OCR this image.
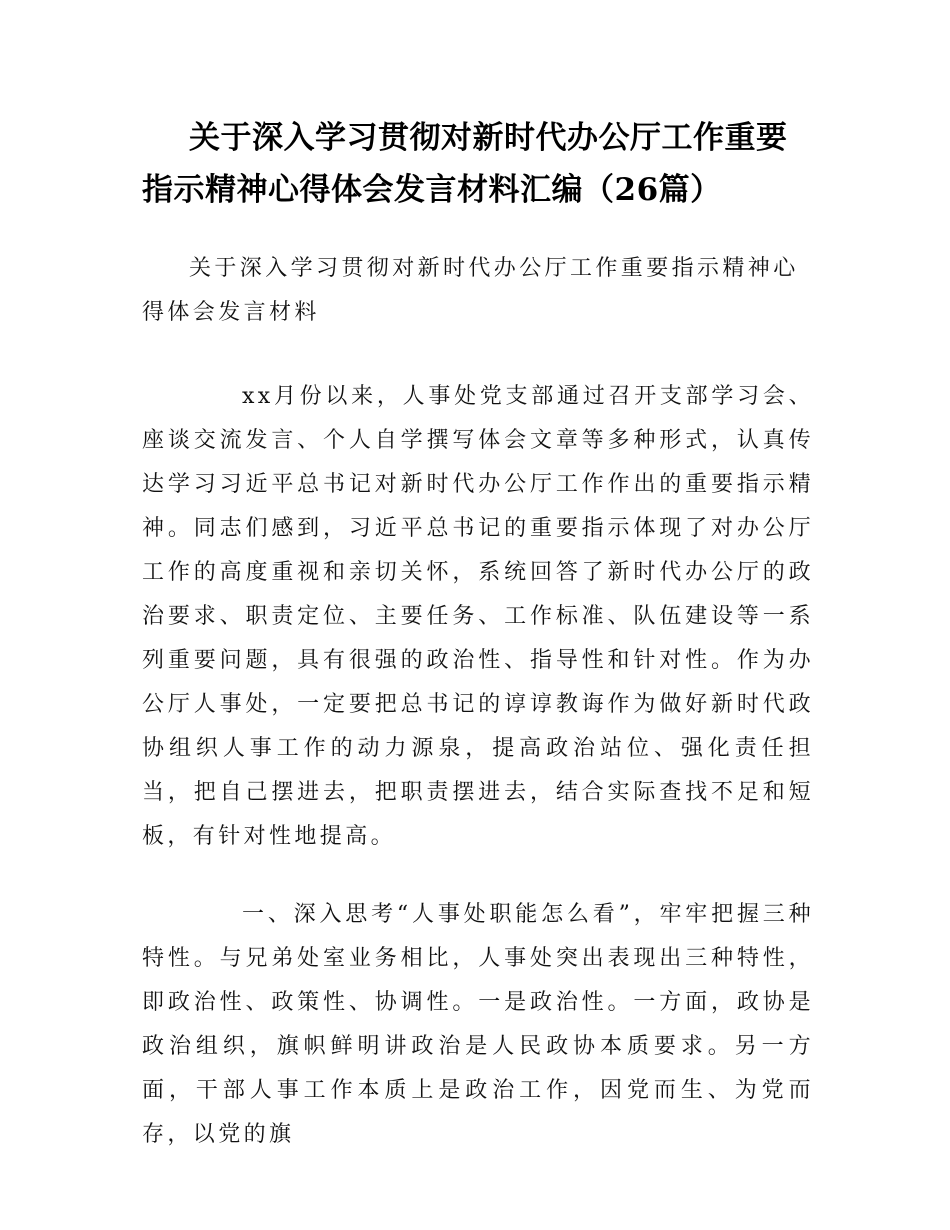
关于深入学习贯彻对新时代办公厅工作重要指示精神心得体会发言材料汇编（26篇）

关于深入学习贯彻对新时代办公厅工作重要指示精神心得体会发言材料

xx月份以来，人事处党支部通过召开支部学习会、座谈交流发言、个人自学撰写体会文章等多种形式，认真传达学习习近平总书记对新时代办公厅工作作出的重要指示精神。同志们感到，习近平总书记的重要指示体现了对办公厅工作的高度重视和亲切关怀，系统回答了新时代办公厅的政治要求、职责定位、主要任务、工作标准、队伍建设等一系列重要问题，具有很强的政治性、指导性和针对性。作为办公厅人事处，一定要把总书记的谆谆教诲作为做好新时代政协组织人事工作的动力源泉，提高政治站位、强化责任担当，把自己摆进去，把职责摆进去，结合实际查找不足和短板，有针对性地提高。

一、深入思考“人事处职能怎么看”，牢牢把握三种特性。与兄弟处室业务相比，人事处突出表现出三种特性，即政治性、政策性、协调性。一是政治性。一方面，政协是政治组织，旗帜鲜明讲政治是人民政协本质要求。另一方面，干部人事工作本质上是政治工作，因党而生、为党而存，以党的旗
